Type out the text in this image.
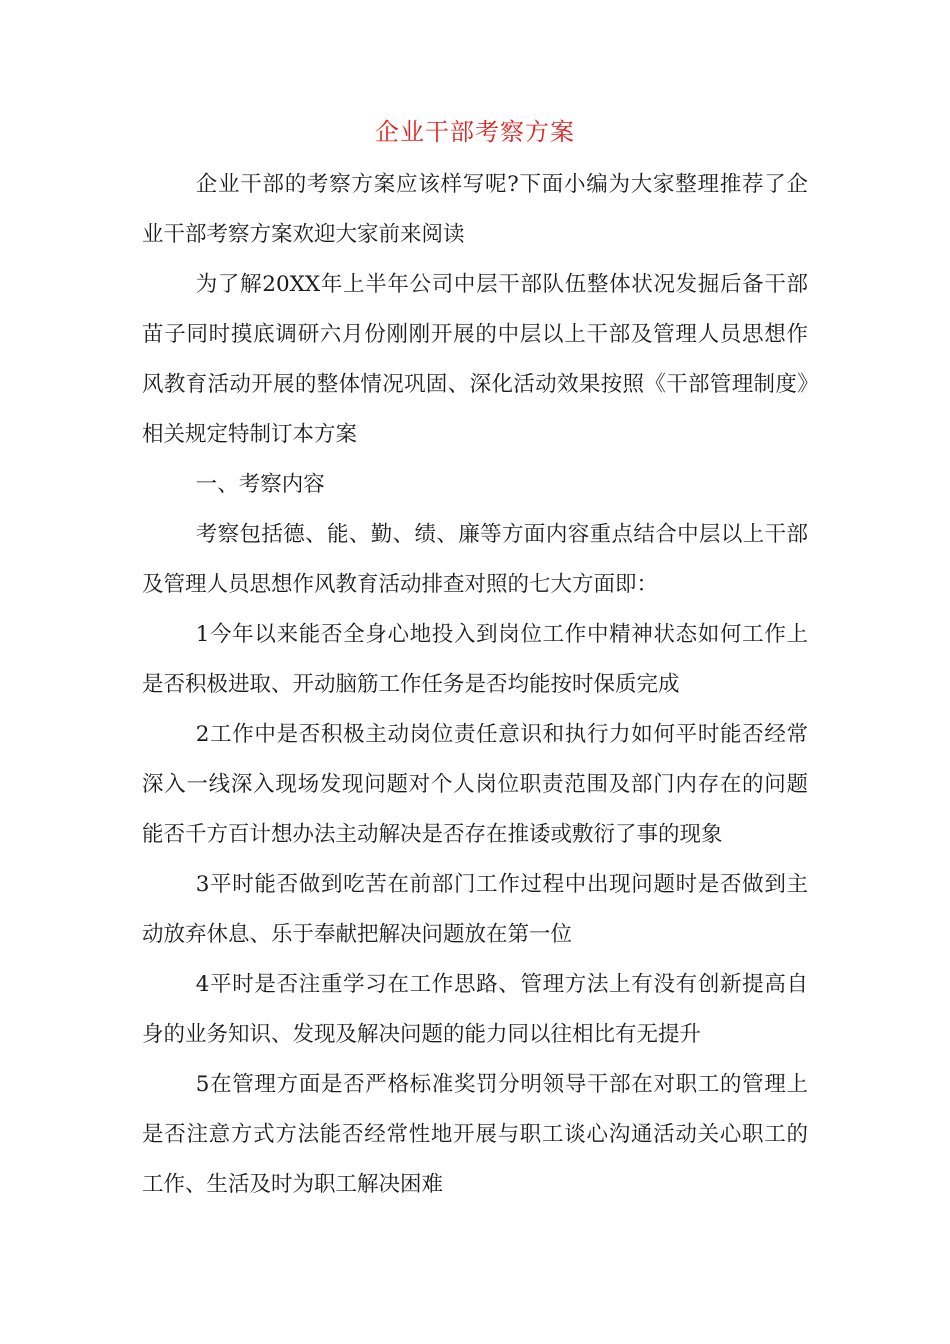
企业干部考察方案

企业干部的考察方案应该样写呢?下面小编为大家整理推荐了企业干部考察方案欢迎大家前来阅读

为了解20XX年上半年公司中层干部队伍整体状况发掘后备干部苗子同时摸底调研六月份刚刚开展的中层以上干部及管理人员思想作风教育活动开展的整体情况巩固、深化活动效果按照《干部管理制度》相关规定特制订本方案

一、考察内容

考察包括德、能、勤、绩、廉等方面内容重点结合中层以上干部及管理人员思想作风教育活动排查对照的七大方面即：

1今年以来能否全身心地投入到岗位工作中精神状态如何工作上是否积极进取、开动脑筋工作任务是否均能按时保质完成

2工作中是否积极主动岗位责任意识和执行力如何平时能否经常深入一线深入现场发现问题对个人岗位职责范围及部门内存在的问题能否千方百计想办法主动解决是否存在推诿或敷衍了事的现象

3平时能否做到吃苦在前部门工作过程中出现问题时是否做到主动放弃休息、乐于奉献把解决问题放在第一位

4平时是否注重学习在工作思路、管理方法上有没有创新提高自身的业务知识、发现及解决问题的能力同以往相比有无提升

5在管理方面是否严格标准奖罚分明领导干部在对职工的管理上是否注意方式方法能否经常性地开展与职工谈心沟通活动关心职工的工作、生活及时为职工解决困难
